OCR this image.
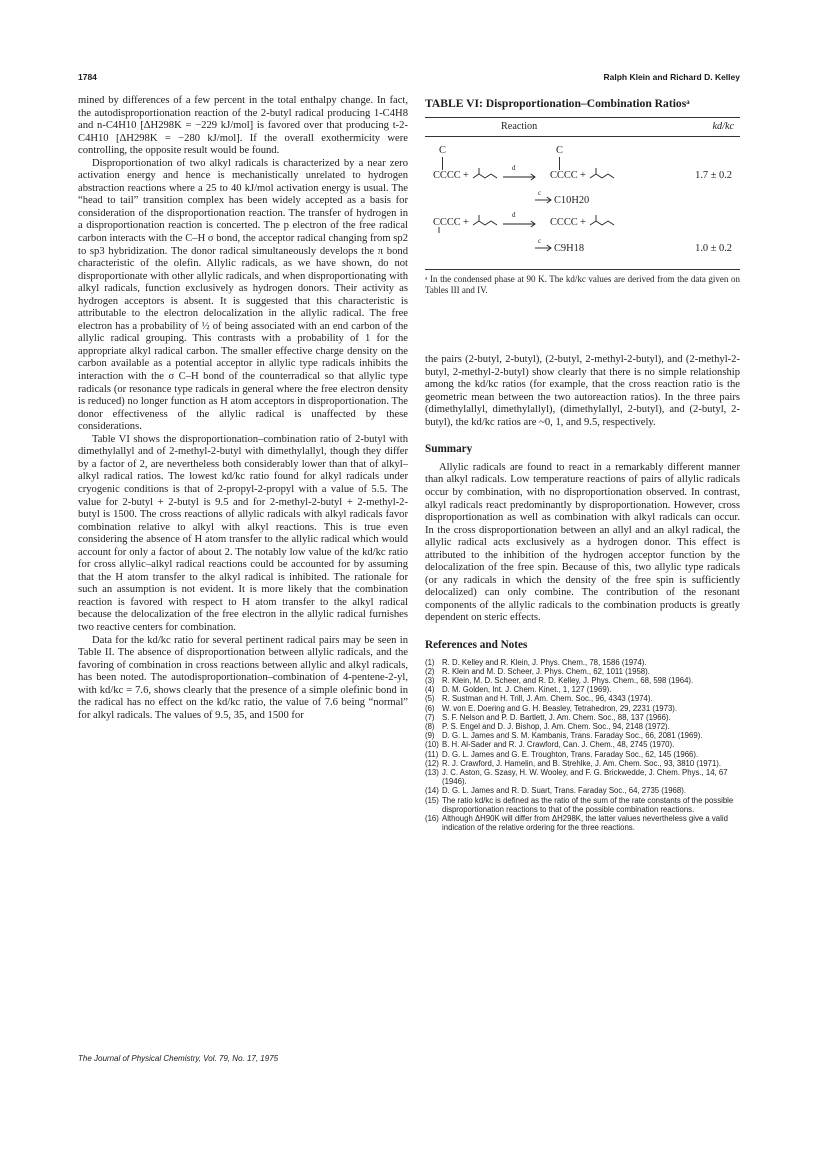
1784	Ralph Klein and Richard D. Kelley

mined by differences of a few percent in the total enthalpy change. In fact, the autodisproportionation reaction of the 2-butyl radical producing 1-C4H8 and n-C4H10 [ΔH298K = −229 kJ/mol] is favored over that producing t-2-C4H10 [ΔH298K = −280 kJ/mol]. If the overall exothermicity were controlling, the opposite result would be found.

Disproportionation of two alkyl radicals is characterized by a near zero activation energy and hence is mechanistically unrelated to hydrogen abstraction reactions where a 25 to 40 kJ/mol activation energy is usual. The “head to tail” transition complex has been widely accepted as a basis for consideration of the disproportionation reaction. The transfer of hydrogen in a disproportionation reaction is concerted. The p electron of the free radical carbon interacts with the C–H σ bond, the acceptor radical changing from sp2 to sp3 hybridization. The donor radical simultaneously develops the π bond characteristic of the olefin. Allylic radicals, as we have shown, do not disproportionate with other allylic radicals, and when disproportionating with alkyl radicals, function exclusively as hydrogen donors. Their activity as hydrogen acceptors is absent. It is suggested that this characteristic is attributable to the electron delocalization in the allylic radical. The free electron has a probability of ½ of being associated with an end carbon of the allylic radical grouping. This contrasts with a probability of 1 for the appropriate alkyl radical carbon. The smaller effective charge density on the carbon available as a potential acceptor in allylic type radicals inhibits the interaction with the σ C–H bond of the counterradical so that allylic type radicals (or resonance type radicals in general where the free electron density is reduced) no longer function as H atom acceptors in disproportionation. The donor effectiveness of the allylic radical is unaffected by these considerations.

Table VI shows the disproportionation–combination ratio of 2-butyl with dimethylallyl and of 2-methyl-2-butyl with dimethylallyl, though they differ by a factor of 2, are nevertheless both considerably lower than that of alkyl–alkyl radical ratios. The lowest kd/kc ratio found for alkyl radicals under cryogenic conditions is that of 2-propyl-2-propyl with a value of 5.5. The value for 2-butyl + 2-butyl is 9.5 and for 2-methyl-2-butyl + 2-methyl-2-butyl is 1500. The cross reactions of allylic radicals with alkyl radicals favor combination relative to alkyl with alkyl reactions. This is true even considering the absence of H atom transfer to the allylic radical which would account for only a factor of about 2. The notably low value of the kd/kc ratio for cross allylic–alkyl radical reactions could be accounted for by assuming that the H atom transfer to the alkyl radical is inhibited. The rationale for such an assumption is not evident. It is more likely that the combination reaction is favored with respect to H atom transfer to the alkyl radical because the delocalization of the free electron in the allylic radical furnishes two reactive centers for combination.

Data for the kd/kc ratio for several pertinent radical pairs may be seen in Table II. The absence of disproportionation between allylic radicals, and the favoring of combination in cross reactions between allylic and alkyl radicals, has been noted. The autodisproportionation–combination of 4-pentene-2-yl, with kd/kc = 7.6, shows clearly that the presence of a simple olefinic bond in the radical has no effect on the kd/kc ratio, the value of 7.6 being “normal” for alkyl radicals. The values of 9.5, 35, and 1500 for

TABLE VI: Disproportionation–Combination Ratiosᵃ
Reaction	kd/kc
C	C
CCCC +
d
CCCC +	1.7 ± 0.2
c
C10H20
CCCC +
d
CCCC +
c
C9H18	1.0 ± 0.2
ᵃ In the condensed phase at 90 K. The kd/kc values are derived from the data given on Tables III and IV.

the pairs (2-butyl, 2-butyl), (2-butyl, 2-methyl-2-butyl), and (2-methyl-2-butyl, 2-methyl-2-butyl) show clearly that there is no simple relationship among the kd/kc ratios (for example, that the cross reaction ratio is the geometric mean between the two autoreaction ratios). In the three pairs (dimethylallyl, dimethylallyl), (dimethylallyl, 2-butyl), and (2-butyl, 2-butyl), the kd/kc ratios are ~0, 1, and 9.5, respectively.

Summary

Allylic radicals are found to react in a remarkably different manner than alkyl radicals. Low temperature reactions of pairs of allylic radicals occur by combination, with no disproportionation observed. In contrast, alkyl radicals react predominantly by disproportionation. However, cross disproportionation as well as combination with alkyl radicals can occur. In the cross disproportionation between an allyl and an alkyl radical, the allylic radical acts exclusively as a hydrogen donor. This effect is attributed to the inhibition of the hydrogen acceptor function by the delocalization of the free spin. Because of this, two allylic type radicals (or any radicals in which the density of the free spin is sufficiently delocalized) can only combine. The contribution of the resonant components of the allylic radicals to the combination products is greatly dependent on steric effects.

References and Notes
(1) R. D. Kelley and R. Klein, J. Phys. Chem., 78, 1586 (1974).
(2) R. Klein and M. D. Scheer, J. Phys. Chem., 62, 1011 (1958).
(3) R. Klein, M. D. Scheer, and R. D. Kelley, J. Phys. Chem., 68, 598 (1964).
(4) D. M. Golden, Int. J. Chem. Kinet., 1, 127 (1969).
(5) R. Sustman and H. Trill, J. Am. Chem. Soc., 96, 4343 (1974).
(6) W. von E. Doering and G. H. Beasley, Tetrahedron, 29, 2231 (1973).
(7) S. F. Nelson and P. D. Bartlett, J. Am. Chem. Soc., 88, 137 (1966).
(8) P. S. Engel and D. J. Bishop, J. Am. Chem. Soc., 94, 2148 (1972).
(9) D. G. L. James and S. M. Kambanis, Trans. Faraday Soc., 66, 2081 (1969).
(10) B. H. Al-Sader and R. J. Crawford, Can. J. Chem., 48, 2745 (1970).
(11) D. G. L. James and G. E. Troughton, Trans. Faraday Soc., 62, 145 (1966).
(12) R. J. Crawford, J. Hamelin, and B. Strehlke, J. Am. Chem. Soc., 93, 3810 (1971).
(13) J. C. Aston, G. Szasy, H. W. Wooley, and F. G. Brickwedde, J. Chem. Phys., 14, 67 (1946).
(14) D. G. L. James and R. D. Suart, Trans. Faraday Soc., 64, 2735 (1968).
(15) The ratio kd/kc is defined as the ratio of the sum of the rate constants of the possible disproportionation reactions to that of the possible combination reactions.
(16) Although ΔH90K will differ from ΔH298K, the latter values nevertheless give a valid indication of the relative ordering for the three reactions.
The Journal of Physical Chemistry, Vol. 79, No. 17, 1975
